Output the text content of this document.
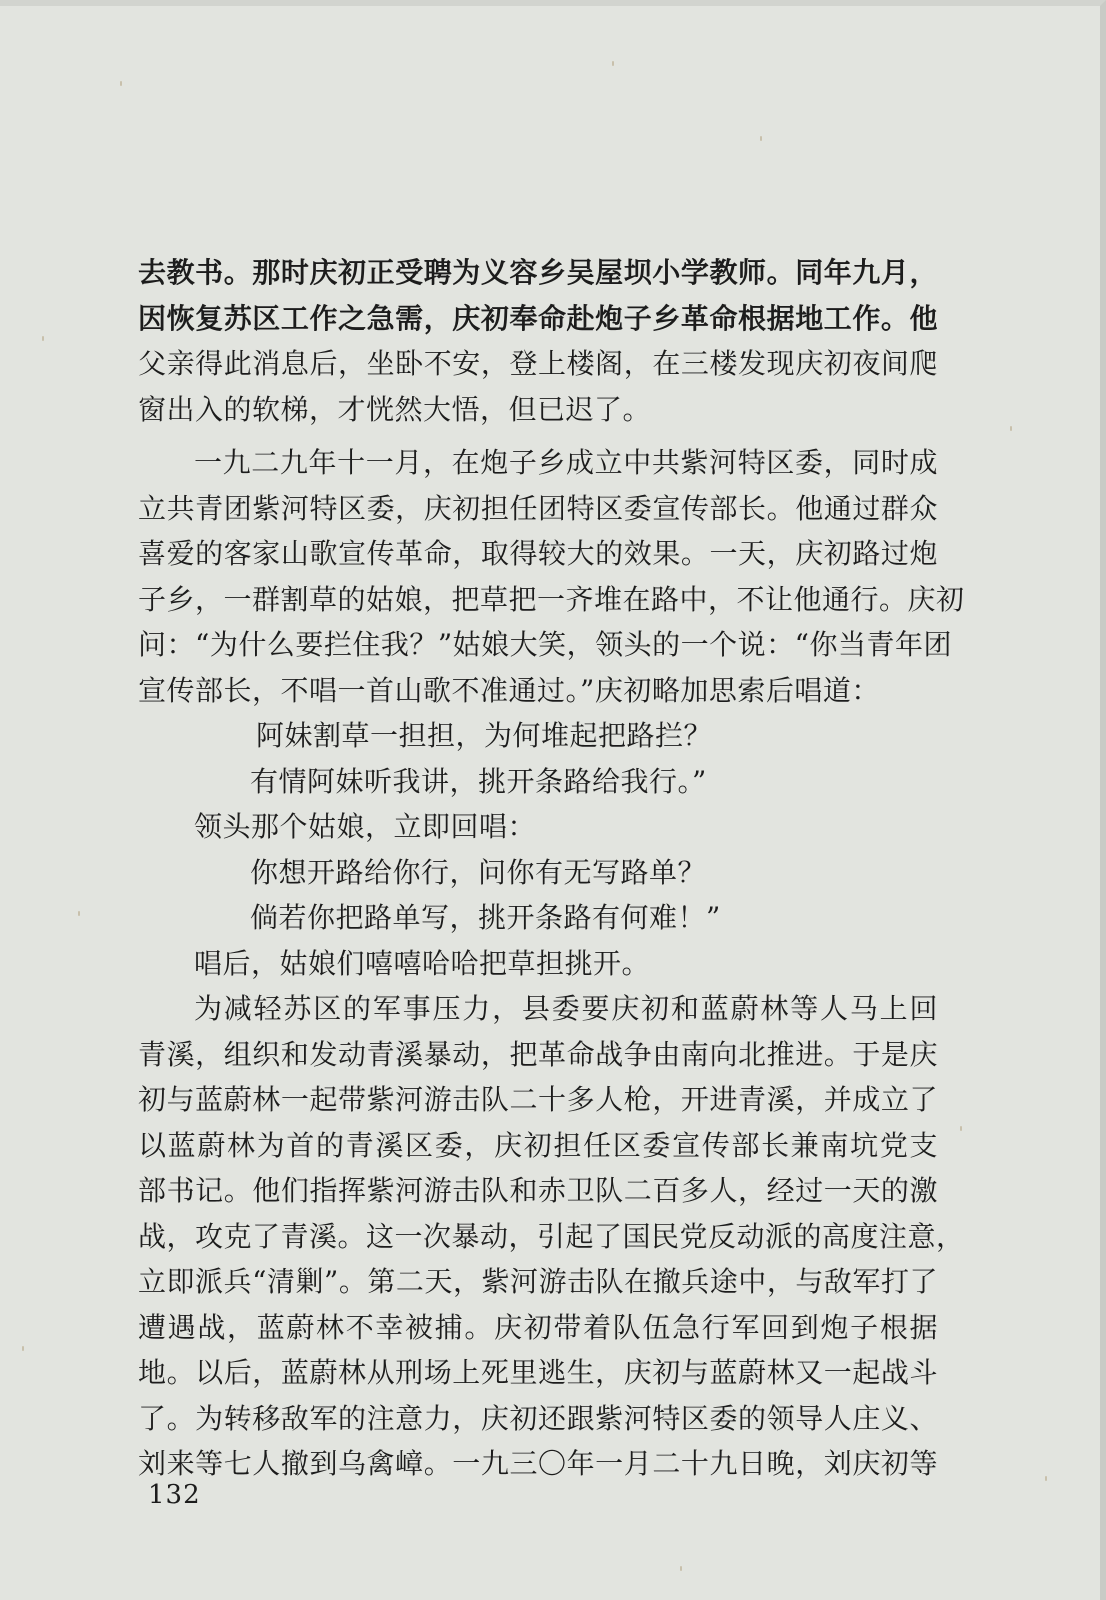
去教书。那时庆初正受聘为义容乡吴屋坝小学教师。同年九月，
因恢复苏区工作之急需，庆初奉命赴炮子乡革命根据地工作。他
父亲得此消息后，坐卧不安，登上楼阁，在三楼发现庆初夜间爬
窗出入的软梯，才恍然大悟，但已迟了。
一九二九年十一月，在炮子乡成立中共紫河特区委，同时成
立共青团紫河特区委，庆初担任团特区委宣传部长。他通过群众
喜爱的客家山歌宣传革命，取得较大的效果。一天，庆初路过炮
子乡，一群割草的姑娘，把草把一齐堆在路中，不让他通行。庆初
问：“为什么要拦住我？”姑娘大笑，领头的一个说：“你当青年团
宣传部长，不唱一首山歌不准通过。”庆初略加思索后唱道：
阿妹割草一担担，为何堆起把路拦？
有情阿妹听我讲，挑开条路给我行。”
领头那个姑娘，立即回唱：
你想开路给你行，问你有无写路单？
倘若你把路单写，挑开条路有何难！”
唱后，姑娘们嘻嘻哈哈把草担挑开。
为减轻苏区的军事压力，县委要庆初和蓝蔚林等人马上回
青溪，组织和发动青溪暴动，把革命战争由南向北推进。于是庆
初与蓝蔚林一起带紫河游击队二十多人枪，开进青溪，并成立了
以蓝蔚林为首的青溪区委，庆初担任区委宣传部长兼南坑党支
部书记。他们指挥紫河游击队和赤卫队二百多人，经过一天的激
战，攻克了青溪。这一次暴动，引起了国民党反动派的高度注意，
立即派兵“清剿”。第二天，紫河游击队在撤兵途中，与敌军打了
遭遇战，蓝蔚林不幸被捕。庆初带着队伍急行军回到炮子根据
地。以后，蓝蔚林从刑场上死里逃生，庆初与蓝蔚林又一起战斗
了。为转移敌军的注意力，庆初还跟紫河特区委的领导人庄义、
刘来等七人撤到乌禽嶂。一九三〇年一月二十九日晚，刘庆初等
132
